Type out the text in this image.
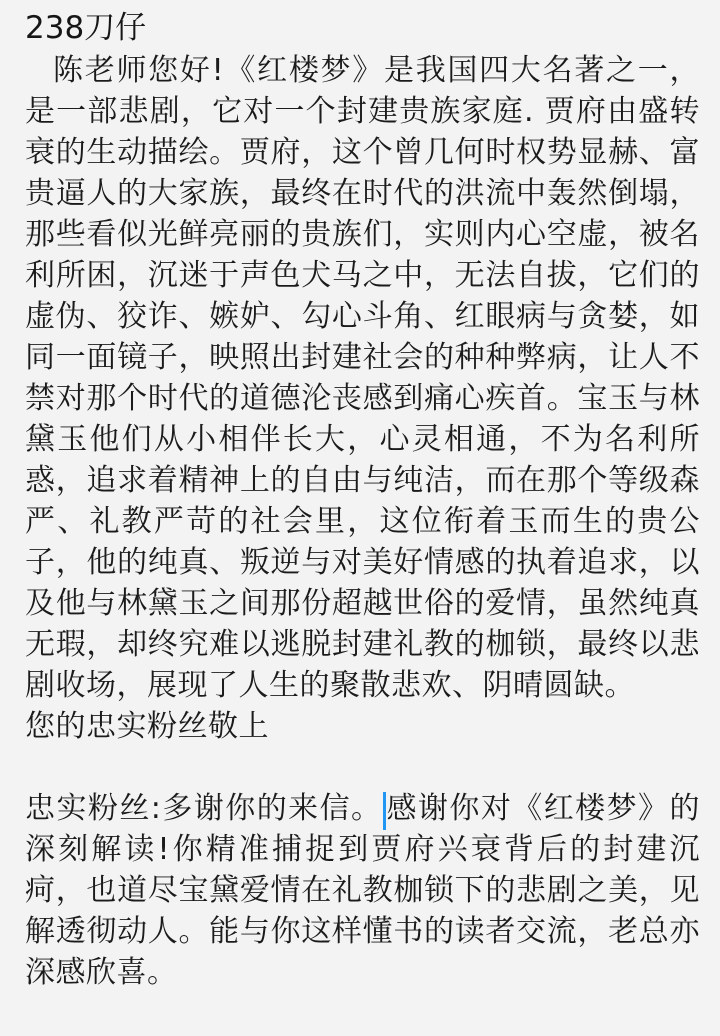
238刀仔

陈老师您好!《红楼梦》是我国四大名著之一，是一部悲剧，它对一个封建贵族家庭. 贾府由盛转衰的生动描绘。贾府，这个曾几何时权势显赫、富贵逼人的大家族，最终在时代的洪流中轰然倒塌，那些看似光鲜亮丽的贵族们，实则内心空虚，被名利所困，沉迷于声色犬马之中，无法自拔，它们的虚伪、狡诈、嫉妒、勾心斗角、红眼病与贪婪，如同一面镜子，映照出封建社会的种种弊病，让人不禁对那个时代的道德沦丧感到痛心疾首。宝玉与林黛玉他们从小相伴长大，心灵相通，不为名利所惑，追求着精神上的自由与纯洁，而在那个等级森严、礼教严苛的社会里，这位衔着玉而生的贵公子，他的纯真、叛逆与对美好情感的执着追求，以及他与林黛玉之间那份超越世俗的爱情，虽然纯真无瑕，却终究难以逃脱封建礼教的枷锁，最终以悲剧收场，展现了人生的聚散悲欢、阴晴圆缺。

您的忠实粉丝敬上

忠实粉丝:多谢你的来信。 感谢你对《红楼梦》的深刻解读!你精准捕捉到贾府兴衰背后的封建沉疴，也道尽宝黛爱情在礼教枷锁下的悲剧之美，见解透彻动人。能与你这样懂书的读者交流，老总亦深感欣喜。
